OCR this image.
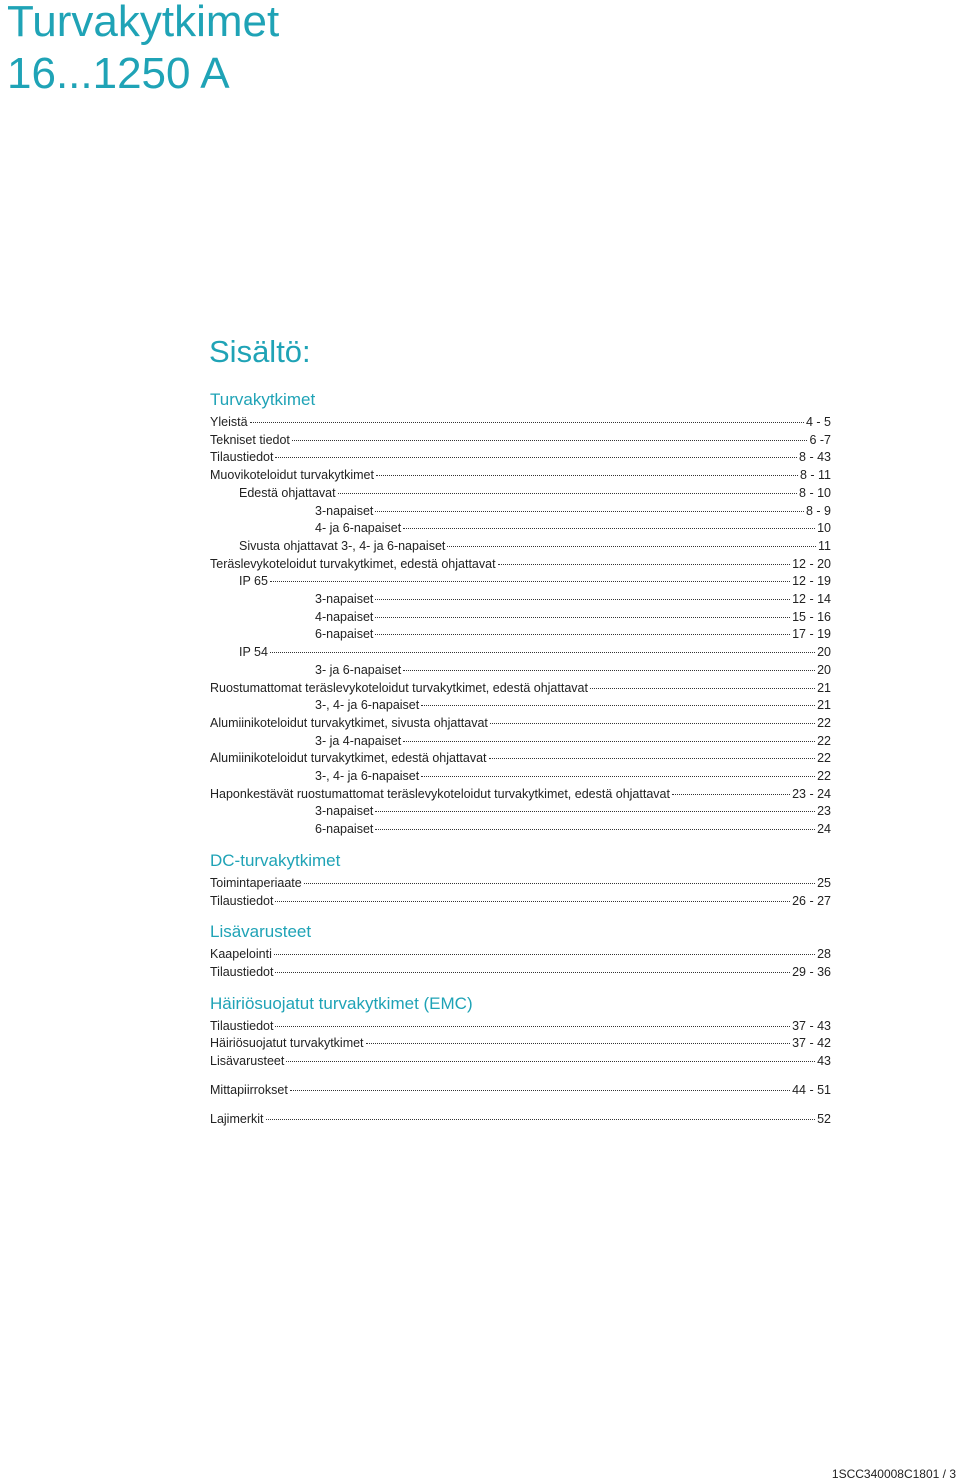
Turvakytkimet
16...1250 A
Sisältö:
Turvakytkimet
Yleistä	4 - 5
Tekniset tiedot	6 -7
Tilaustiedot	8 - 43
Muovikoteloidut turvakytkimet	8 - 11
Edestä ohjattavat	8 - 10
3-napaiset	8 - 9
4- ja 6-napaiset	10
Sivusta ohjattavat 3-, 4- ja 6-napaiset	11
Teräslevykoteloidut turvakytkimet, edestä ohjattavat	12 - 20
IP 65	12 - 19
3-napaiset	12 - 14
4-napaiset	15 - 16
6-napaiset	17 - 19
IP 54	20
3- ja 6-napaiset	20
Ruostumattomat teräslevykoteloidut turvakytkimet, edestä ohjattavat	21
3-, 4- ja 6-napaiset	21
Alumiinikoteloidut turvakytkimet, sivusta ohjattavat	22
3- ja 4-napaiset	22
Alumiinikoteloidut turvakytkimet, edestä ohjattavat	22
3-, 4- ja 6-napaiset	22
Haponkestävät ruostumattomat teräslevykoteloidut turvakytkimet, edestä ohjattavat	23 - 24
3-napaiset	23
6-napaiset	24
DC-turvakytkimet
Toimintaperiaate	25
Tilaustiedot	26 - 27
Lisävarusteet
Kaapelointi	28
Tilaustiedot	29 - 36
Häiriösuojatut turvakytkimet (EMC)
Tilaustiedot	37 - 43
Häiriösuojatut turvakytkimet	37 - 42
Lisävarusteet	43
Mittapiirrokset	44 - 51
Lajimerkit	52
1SCC340008C1801 / 3
